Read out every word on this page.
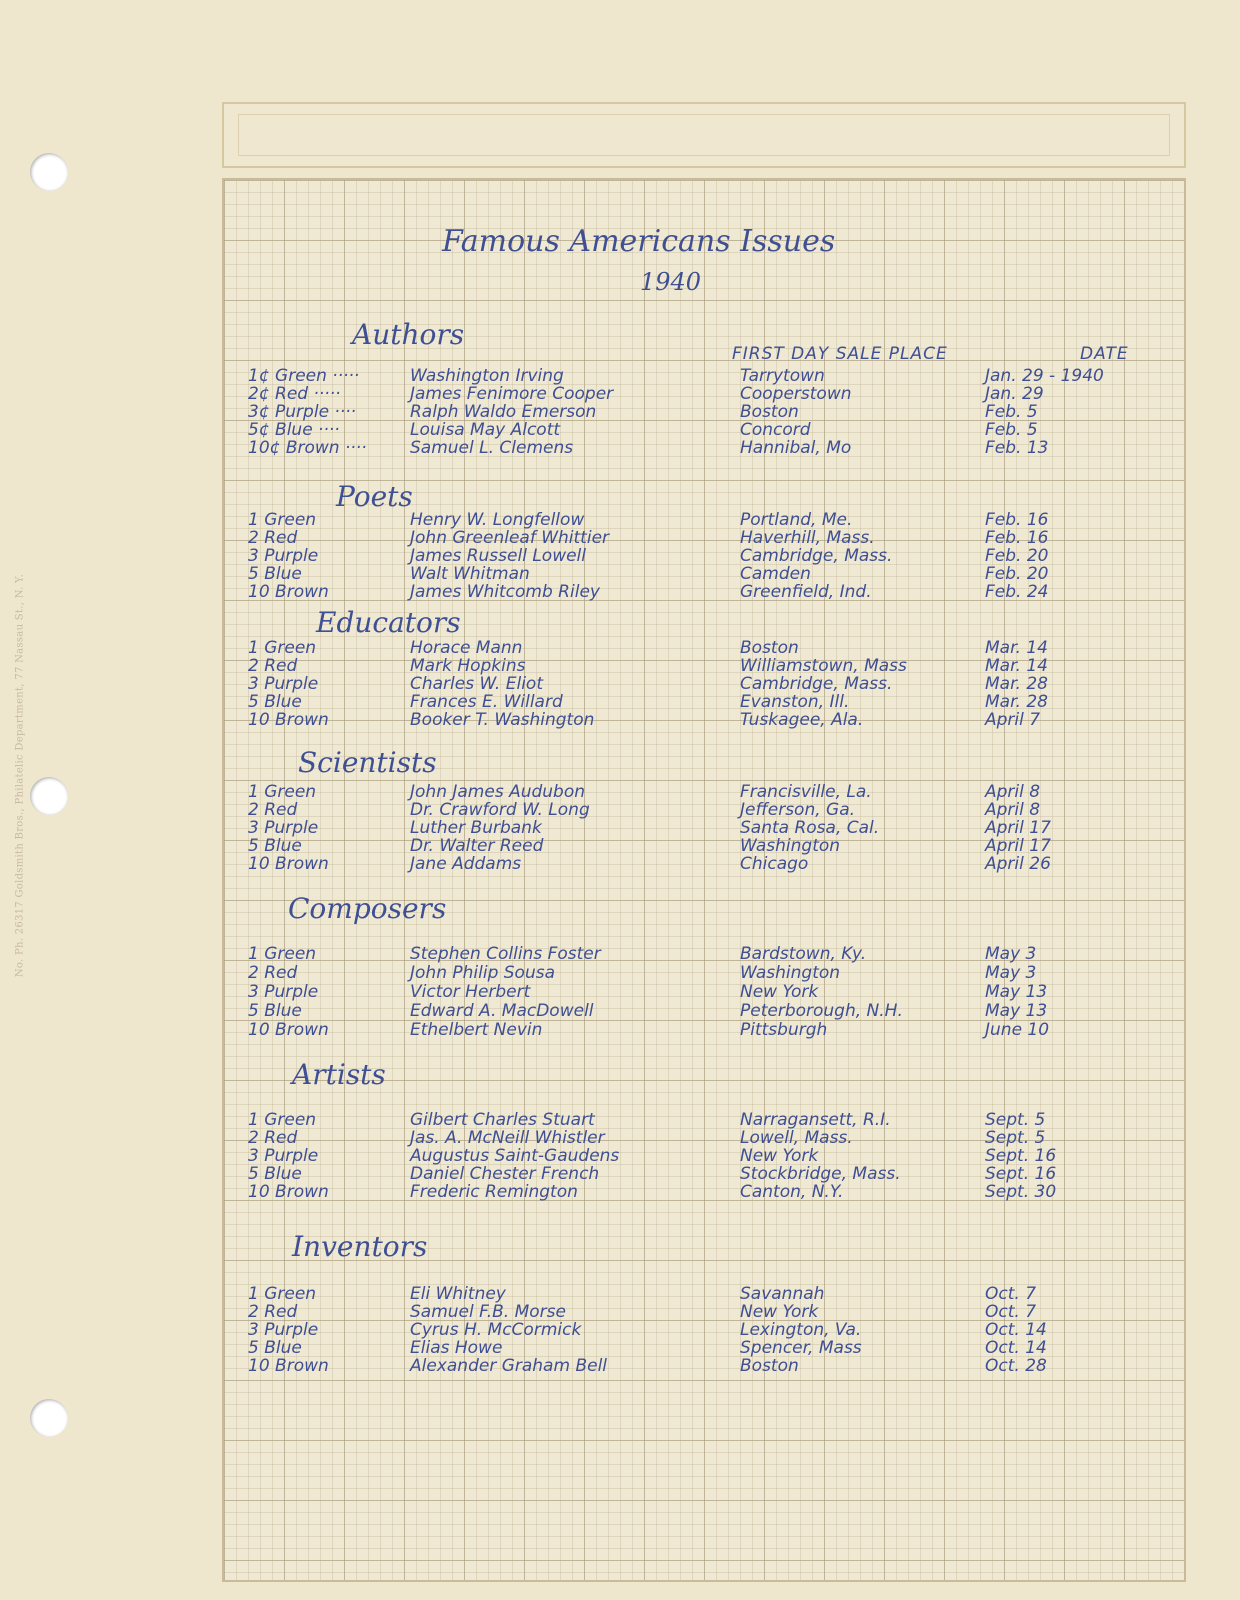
No. Ph. 26317 Goldsmith Bros., Philatelic Department, 77 Nassau St., N. Y.
Famous Americans Issues
1940
FIRST DAY SALE PLACE	DATE
Authors
1¢ Green ·····	Washington Irving	Tarrytown	Jan. 29 - 1940
2¢ Red ·····	James Fenimore Cooper	Cooperstown	Jan. 29
3¢ Purple ····	Ralph Waldo Emerson	Boston	Feb. 5
5¢ Blue ····	Louisa May Alcott	Concord	Feb. 5
10¢ Brown ····	Samuel L. Clemens	Hannibal, Mo	Feb. 13
Poets
1 Green	Henry W. Longfellow	Portland, Me.	Feb. 16
2 Red	John Greenleaf Whittier	Haverhill, Mass.	Feb. 16
3 Purple	James Russell Lowell	Cambridge, Mass.	Feb. 20
5 Blue	Walt Whitman	Camden	Feb. 20
10 Brown	James Whitcomb Riley	Greenfield, Ind.	Feb. 24
Educators
1 Green	Horace Mann	Boston	Mar. 14
2 Red	Mark Hopkins	Williamstown, Mass	Mar. 14
3 Purple	Charles W. Eliot	Cambridge, Mass.	Mar. 28
5 Blue	Frances E. Willard	Evanston, Ill.	Mar. 28
10 Brown	Booker T. Washington	Tuskagee, Ala.	April 7
Scientists
1 Green	John James Audubon	Francisville, La.	April 8
2 Red	Dr. Crawford W. Long	Jefferson, Ga.	April 8
3 Purple	Luther Burbank	Santa Rosa, Cal.	April 17
5 Blue	Dr. Walter Reed	Washington	April 17
10 Brown	Jane Addams	Chicago	April 26
Composers
1 Green	Stephen Collins Foster	Bardstown, Ky.	May 3
2 Red	John Philip Sousa	Washington	May 3
3 Purple	Victor Herbert	New York	May 13
5 Blue	Edward A. MacDowell	Peterborough, N.H.	May 13
10 Brown	Ethelbert Nevin	Pittsburgh	June 10
Artists
1 Green	Gilbert Charles Stuart	Narragansett, R.I.	Sept. 5
2 Red	Jas. A. McNeill Whistler	Lowell, Mass.	Sept. 5
3 Purple	Augustus Saint-Gaudens	New York	Sept. 16
5 Blue	Daniel Chester French	Stockbridge, Mass.	Sept. 16
10 Brown	Frederic Remington	Canton, N.Y.	Sept. 30
Inventors
1 Green	Eli Whitney	Savannah	Oct. 7
2 Red	Samuel F.B. Morse	New York	Oct. 7
3 Purple	Cyrus H. McCormick	Lexington, Va.	Oct. 14
5 Blue	Elias Howe	Spencer, Mass	Oct. 14
10 Brown	Alexander Graham Bell	Boston	Oct. 28
